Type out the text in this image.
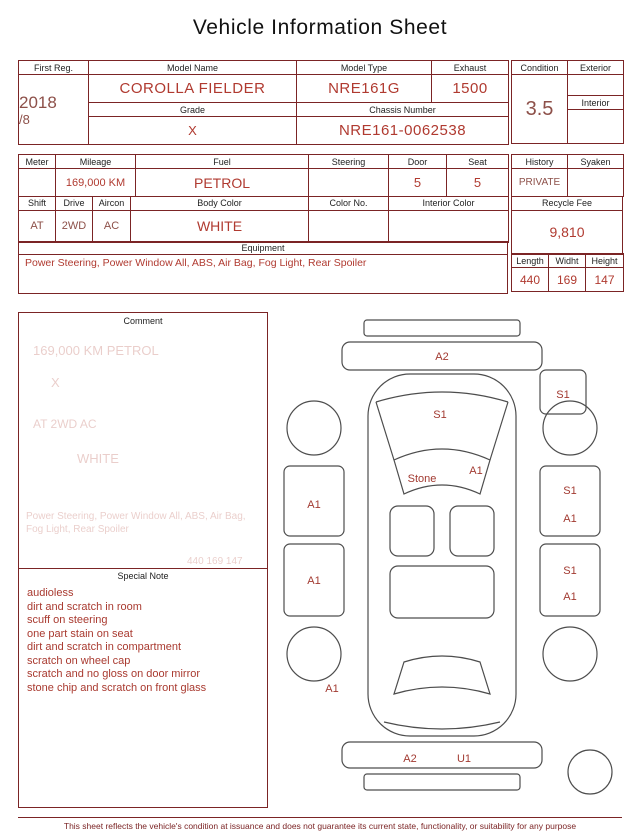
Vehicle Information Sheet
First Reg.	Model Name	Model Type	Exhaust
2018
/8	COROLLA FIELDER	NRE161G	1500
	Grade	Chassis Number	
	X	NRE161-0062538	
Condition	Exterior
3.5	
	Interior

Meter	Mileage	Fuel	Steering	Door	Seat
	169,000 KM	PETROL		5	5
Shift	Drive	Aircon	Body Color	Color No.	Interior Color
AT	2WD	AC	WHITE		
Equipment
Power Steering, Power Window All, ABS, Air Bag, Fog Light, Rear Spoiler
History	Syaken
PRIVATE	
Recycle Fee
9,810
Length	Widht	Height
440	169	147
Comment
169,000 KM PETROL
X
AT 2WD AC
WHITE
Power Steering, Power Window All, ABS, Air Bag,
Fog Light, Rear Spoiler
440 169 147
Special Note
audioless
dirt and scratch in room
scuff on steering
one part stain on seat
dirt and scratch in compartment
scratch on wheel cap
scratch and no gloss on door mirror
stone chip and scratch on front glass
A2
S1
S1
Stone
A1
A1
A1
A1
S1
A1
S1
A1
A2	U1
This sheet reflects the vehicle's condition at issuance and does not guarantee its current state, functionality, or suitability for any purpose
